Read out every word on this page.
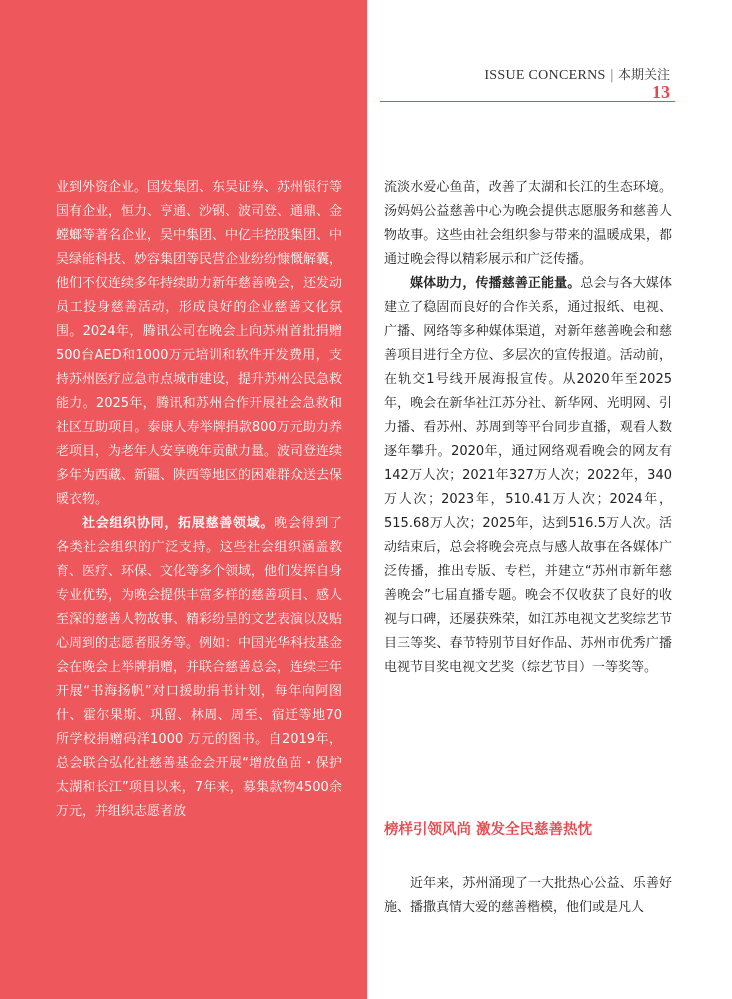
ISSUE CONCERNS | 本期关注
13

业到外资企业。国发集团、东吴证券、苏州银行等国有企业，恒力、亨通、沙钢、波司登、通鼎、金螳螂等著名企业，吴中集团、中亿丰控股集团、中吴绿能科技、妙容集团等民营企业纷纷慷慨解囊，他们不仅连续多年持续助力新年慈善晚会，还发动员工投身慈善活动，形成良好的企业慈善文化氛围。2024年，腾讯公司在晚会上向苏州首批捐赠500台AED和1000万元培训和软件开发费用，支持苏州医疗应急市点城市建设，提升苏州公民急救能力。2025年，腾讯和苏州合作开展社会急救和社区互助项目。泰康人寿举牌捐款800万元助力养老项目，为老年人安享晚年贡献力量。波司登连续多年为西藏、新疆、陕西等地区的困难群众送去保暖衣物。

社会组织协同，拓展慈善领域。晚会得到了各类社会组织的广泛支持。这些社会组织涵盖教育、医疗、环保、文化等多个领域，他们发挥自身专业优势，为晚会提供丰富多样的慈善项目、感人至深的慈善人物故事、精彩纷呈的文艺表演以及贴心周到的志愿者服务等。例如：中国光华科技基金会在晚会上举牌捐赠，并联合慈善总会，连续三年开展“书海扬帆”对口援助捐书计划，每年向阿图什、霍尔果斯、巩留、林周、周至、宿迁等地70所学校捐赠码洋1000 万元的图书。自2019年，总会联合弘化社慈善基金会开展“增放鱼苗・保护太湖和长江”项目以来，7年来，募集款物4500余万元，并组织志愿者放

流淡水爱心鱼苗，改善了太湖和长江的生态环境。汤妈妈公益慈善中心为晚会提供志愿服务和慈善人物故事。这些由社会组织参与带来的温暖成果，都通过晚会得以精彩展示和广泛传播。

媒体助力，传播慈善正能量。总会与各大媒体建立了稳固而良好的合作关系，通过报纸、电视、广播、网络等多种媒体渠道，对新年慈善晚会和慈善项目进行全方位、多层次的宣传报道。活动前，在轨交1号线开展海报宣传。从2020年至2025年，晚会在新华社江苏分社、新华网、光明网、引力播、看苏州、苏周到等平台同步直播，观看人数逐年攀升。2020年，通过网络观看晚会的网友有142万人次；2021年327万人次；2022年，340万人次；2023年，510.41万人次；2024年，515.68万人次；2025年，达到516.5万人次。活动结束后，总会将晚会亮点与感人故事在各媒体广泛传播，推出专版、专栏，并建立“苏州市新年慈善晚会”七届直播专题。晚会不仅收获了良好的收视与口碑，还屡获殊荣，如江苏电视文艺奖综艺节目三等奖、春节特别节目好作品、苏州市优秀广播电视节目奖电视文艺奖（综艺节目）一等奖等。

榜样引领风尚 激发全民慈善热忱

近年来，苏州涌现了一大批热心公益、乐善好施、播撒真情大爱的慈善楷模，他们或是凡人
